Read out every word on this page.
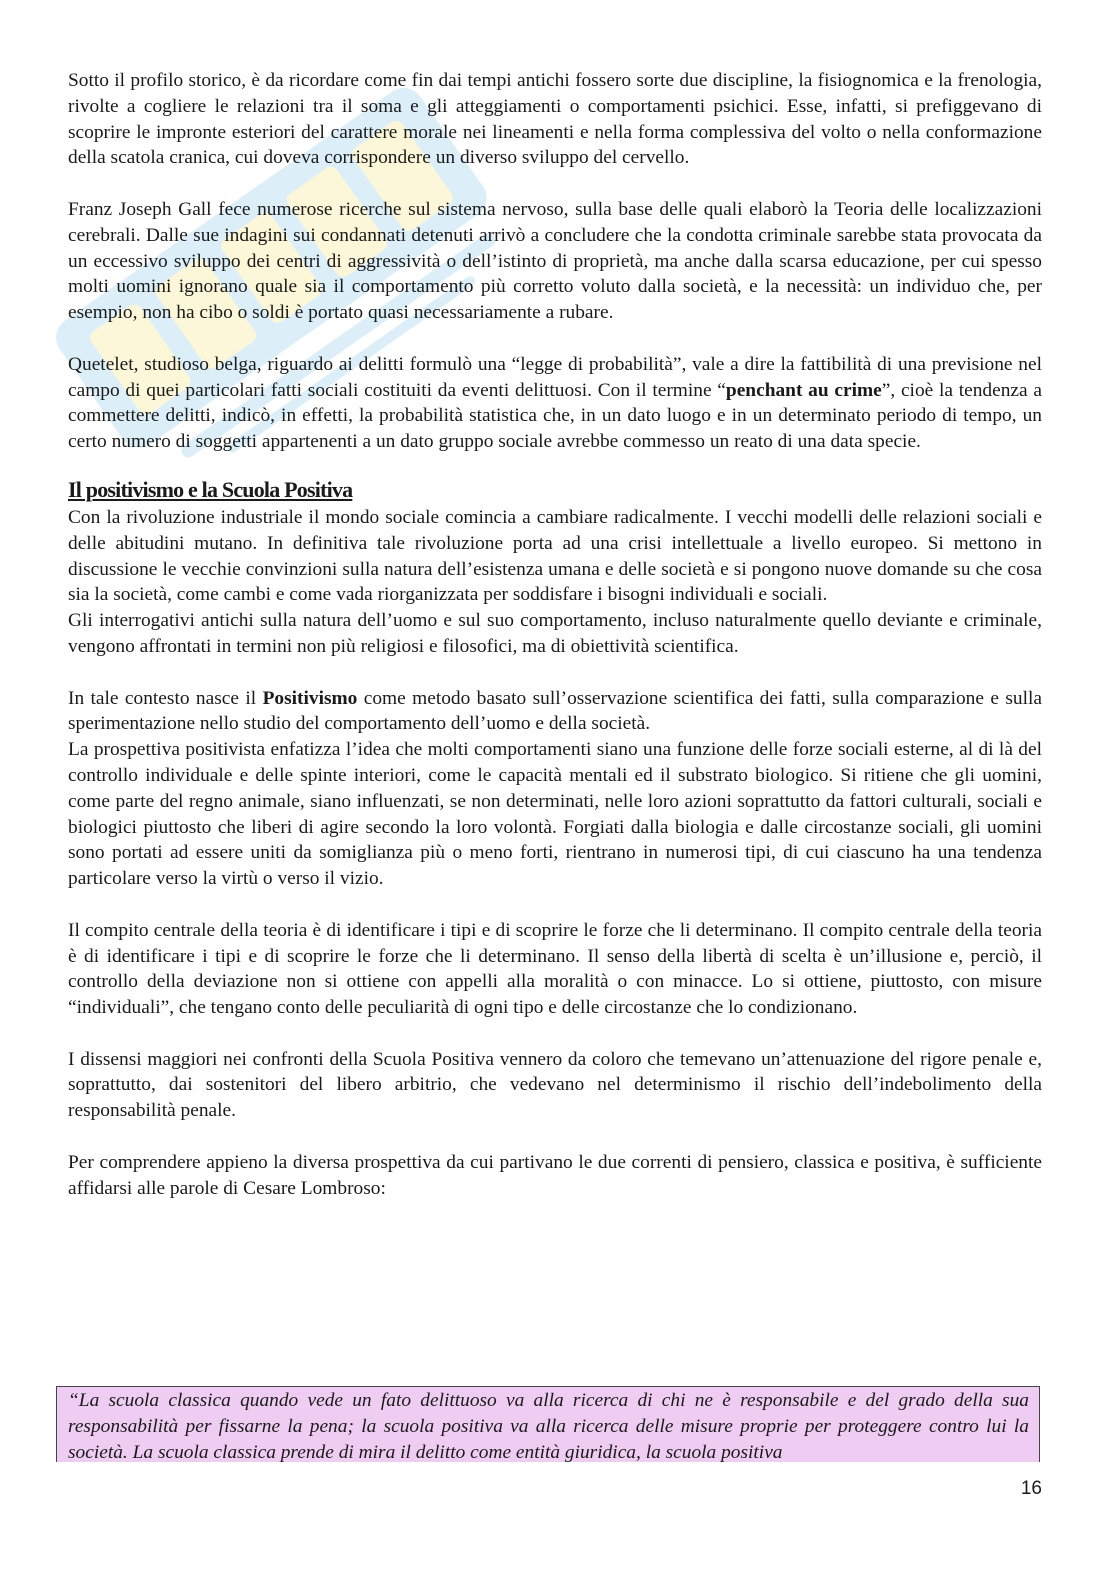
Sotto il profilo storico, è da ricordare come fin dai tempi antichi fossero sorte due discipline, la fisiognomica e la frenologia, rivolte a cogliere le relazioni tra il soma e gli atteggiamenti o comportamenti psichici. Esse, infatti, si prefiggevano di scoprire le impronte esteriori del carattere morale nei lineamenti e nella forma complessiva del volto o nella conformazione della scatola cranica, cui doveva corrispondere un diverso sviluppo del cervello.

Franz Joseph Gall fece numerose ricerche sul sistema nervoso, sulla base delle quali elaborò la Teoria delle localizzazioni cerebrali. Dalle sue indagini sui condannati detenuti arrivò a concludere che la condotta criminale sarebbe stata provocata da un eccessivo sviluppo dei centri di aggressività o dell’istinto di proprietà, ma anche dalla scarsa educazione, per cui spesso molti uomini ignorano quale sia il comportamento più corretto voluto dalla società, e la necessità: un individuo che, per esempio, non ha cibo o soldi è portato quasi necessariamente a rubare.

Quetelet, studioso belga, riguardo ai delitti formulò una “legge di probabilità”, vale a dire la fattibilità di una previsione nel campo di quei particolari fatti sociali costituiti da eventi delittuosi. Con il termine “penchant au crime”, cioè la tendenza a commettere delitti, indicò, in effetti, la probabilità statistica che, in un dato luogo e in un determinato periodo di tempo, un certo numero di soggetti appartenenti a un dato gruppo sociale avrebbe commesso un reato di una data specie.

Il positivismo e la Scuola Positiva

Con la rivoluzione industriale il mondo sociale comincia a cambiare radicalmente. I vecchi modelli delle relazioni sociali e delle abitudini mutano. In definitiva tale rivoluzione porta ad una crisi intellettuale a livello europeo. Si mettono in discussione le vecchie convinzioni sulla natura dell’esistenza umana e delle società e si pongono nuove domande su che cosa sia la società, come cambi e come vada riorganizzata per soddisfare i bisogni individuali e sociali.

Gli interrogativi antichi sulla natura dell’uomo e sul suo comportamento, incluso naturalmente quello deviante e criminale, vengono affrontati in termini non più religiosi e filosofici, ma di obiettività scientifica.

In tale contesto nasce il Positivismo come metodo basato sull’osservazione scientifica dei fatti, sulla comparazione e sulla sperimentazione nello studio del comportamento dell’uomo e della società.

La prospettiva positivista enfatizza l’idea che molti comportamenti siano una funzione delle forze sociali esterne, al di là del controllo individuale e delle spinte interiori, come le capacità mentali ed il substrato biologico. Si ritiene che gli uomini, come parte del regno animale, siano influenzati, se non determinati, nelle loro azioni soprattutto da fattori culturali, sociali e biologici piuttosto che liberi di agire secondo la loro volontà. Forgiati dalla biologia e dalle circostanze sociali, gli uomini sono portati ad essere uniti da somiglianza più o meno forti, rientrano in numerosi tipi, di cui ciascuno ha una tendenza particolare verso la virtù o verso il vizio.

Il compito centrale della teoria è di identificare i tipi e di scoprire le forze che li determinano. Il compito centrale della teoria è di identificare i tipi e di scoprire le forze che li determinano. Il senso della libertà di scelta è un’illusione e, perciò, il controllo della deviazione non si ottiene con appelli alla moralità o con minacce. Lo si ottiene, piuttosto, con misure “individuali”, che tengano conto delle peculiarità di ogni tipo e delle circostanze che lo condizionano.

I dissensi maggiori nei confronti della Scuola Positiva vennero da coloro che temevano un’attenuazione del rigore penale e, soprattutto, dai sostenitori del libero arbitrio, che vedevano nel determinismo il rischio dell’indebolimento della responsabilità penale.

Per comprendere appieno la diversa prospettiva da cui partivano le due correnti di pensiero, classica e positiva, è sufficiente affidarsi alle parole di Cesare Lombroso:

“La scuola classica quando vede un fato delittuoso va alla ricerca di chi ne è responsabile e del grado della sua responsabilità per fissarne la pena; la scuola positiva va alla ricerca delle misure proprie per proteggere contro lui la società. La scuola classica prende di mira il delitto come entità giuridica, la scuola positiva

16
